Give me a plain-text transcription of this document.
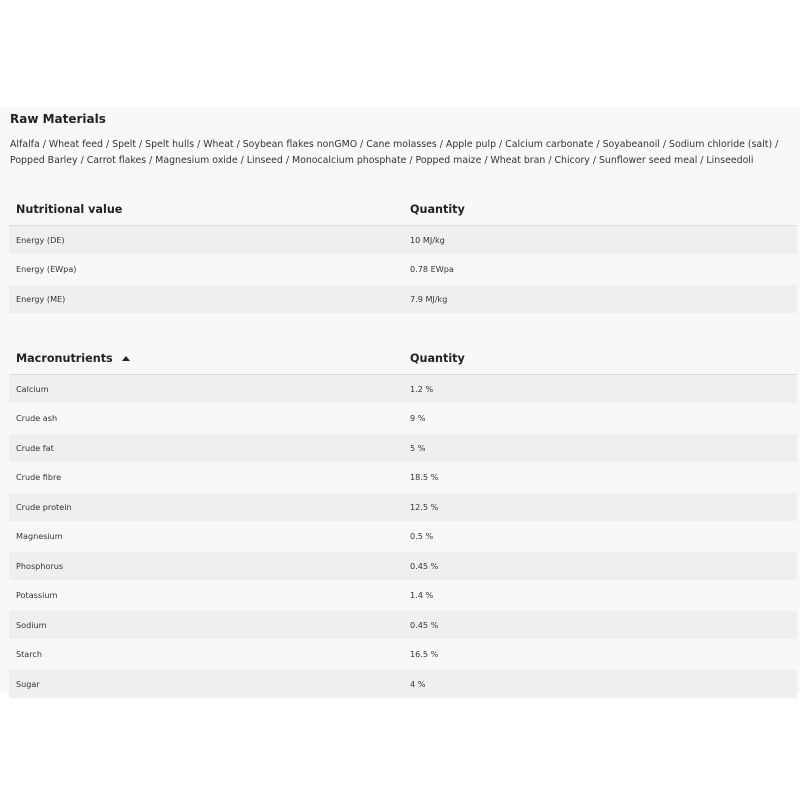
Raw Materials
Alfalfa / Wheat feed / Spelt / Spelt hulls / Wheat / Soybean flakes nonGMO / Cane molasses / Apple pulp / Calcium carbonate / Soyabeanoil / Sodium chloride (salt) / Popped Barley / Carrot flakes / Magnesium oxide / Linseed / Monocalcium phosphate / Popped maize / Wheat bran / Chicory / Sunflower seed meal / Linseedoli
Nutritional value	Quantity
Energy (DE)	10 MJ/kg
Energy (EWpa)	0.78 EWpa
Energy (ME)	7.9 MJ/kg
Macronutrients	Quantity
Calcium	1.2 %
Crude ash	9 %
Crude fat	5 %
Crude fibre	18.5 %
Crude protein	12.5 %
Magnesium	0.5 %
Phosphorus	0.45 %
Potassium	1.4 %
Sodium	0.45 %
Starch	16.5 %
Sugar	4 %
